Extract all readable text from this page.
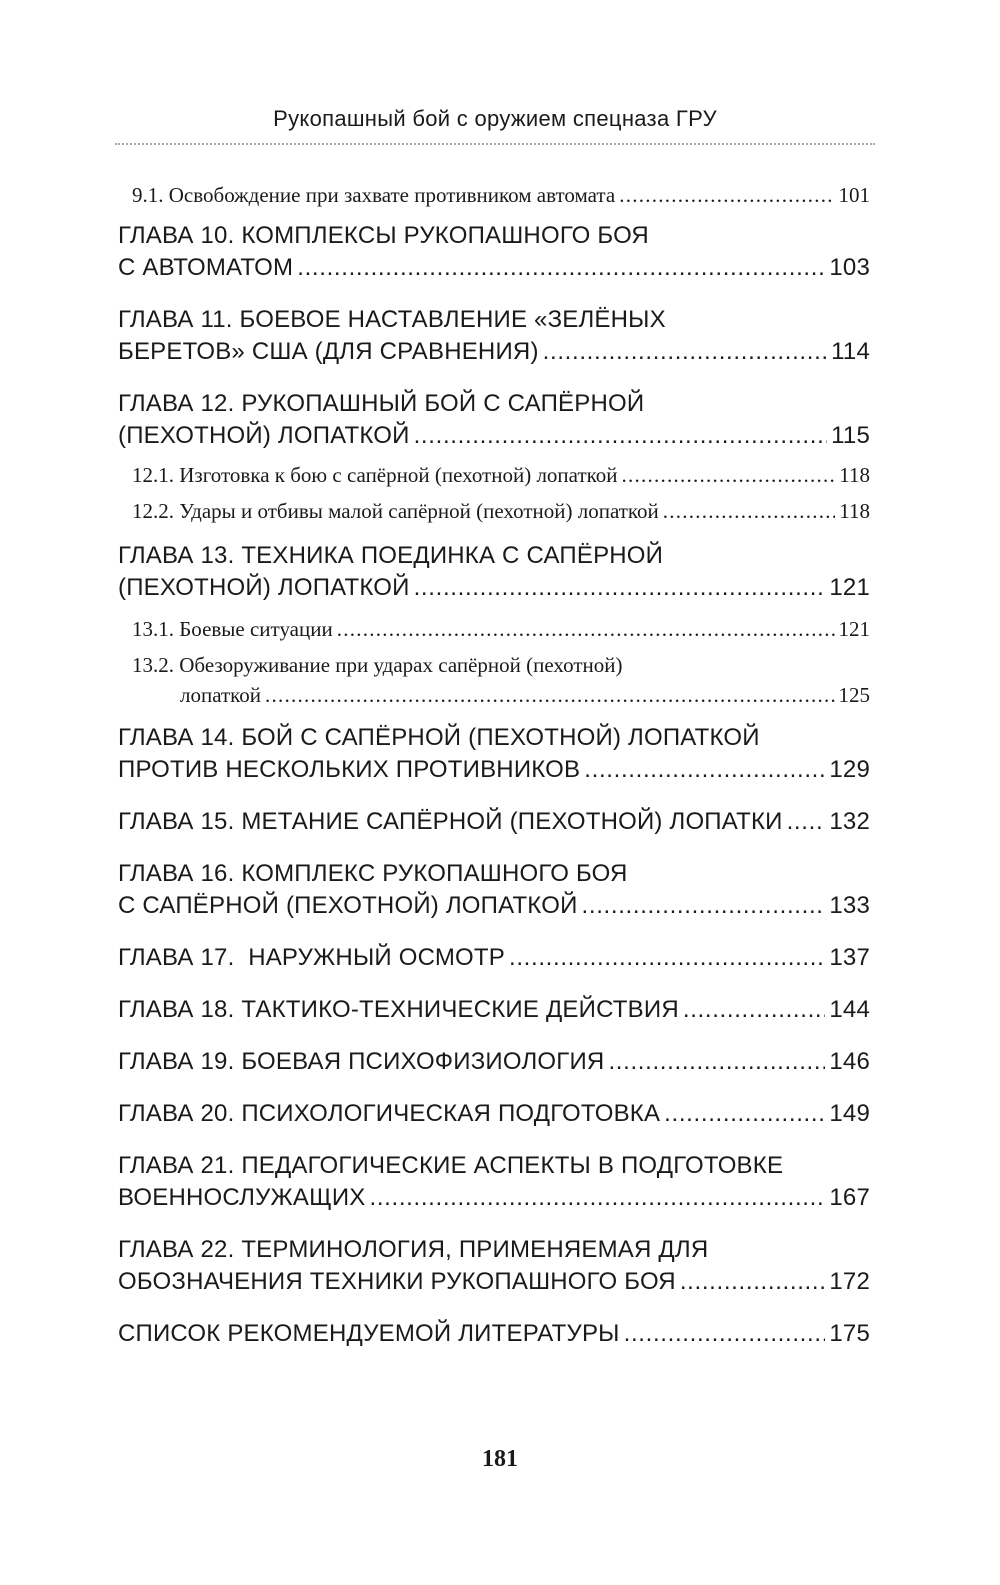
Рукопашный бой с оружием спецназа ГРУ
9.1. Освобождение при захвате противником автомата . . .	101
ГЛАВА 10. КОМПЛЕКСЫ РУКОПАШНОГО БОЯ
С АВТОМАТОМ . . .	103
ГЛАВА 11. БОЕВОЕ НАСТАВЛЕНИЕ «ЗЕЛЁНЫХ
БЕРЕТОВ» США (ДЛЯ СРАВНЕНИЯ) . . .	114
ГЛАВА 12. РУКОПАШНЫЙ БОЙ С САПЁРНОЙ
(ПЕХОТНОЙ) ЛОПАТКОЙ . . .	115
12.1. Изготовка к бою с сапёрной (пехотной) лопаткой . . .	118
12.2. Удары и отбивы малой сапёрной (пехотной) лопаткой . . .	118
ГЛАВА 13. ТЕХНИКА ПОЕДИНКА С САПЁРНОЙ
(ПЕХОТНОЙ) ЛОПАТКОЙ . . .	121
13.1. Боевые ситуации . . .	121
13.2. Обезоруживание при ударах сапёрной (пехотной)
лопаткой . . .	125
ГЛАВА 14. БОЙ С САПЁРНОЙ (ПЕХОТНОЙ) ЛОПАТКОЙ
ПРОТИВ НЕСКОЛЬКИХ ПРОТИВНИКОВ . . .	129
ГЛАВА 15. МЕТАНИЕ САПЁРНОЙ (ПЕХОТНОЙ) ЛОПАТКИ . . . 132
ГЛАВА 16. КОМПЛЕКС РУКОПАШНОГО БОЯ
С САПЁРНОЙ (ПЕХОТНОЙ) ЛОПАТКОЙ . . .	133
ГЛАВА 17.  НАРУЖНЫЙ ОСМОТР . . .	137
ГЛАВА 18. ТАКТИКО-ТЕХНИЧЕСКИЕ ДЕЙСТВИЯ . . .	144
ГЛАВА 19. БОЕВАЯ ПСИХОФИЗИОЛОГИЯ . . .	146
ГЛАВА 20. ПСИХОЛОГИЧЕСКАЯ ПОДГОТОВКА . . .	149
ГЛАВА 21. ПЕДАГОГИЧЕСКИЕ АСПЕКТЫ В ПОДГОТОВКЕ
ВОЕННОСЛУЖАЩИХ . . .	167
ГЛАВА 22. ТЕРМИНОЛОГИЯ, ПРИМЕНЯЕМАЯ ДЛЯ
ОБОЗНАЧЕНИЯ ТЕХНИКИ РУКОПАШНОГО БОЯ . . .	172
СПИСОК РЕКОМЕНДУЕМОЙ ЛИТЕРАТУРЫ . . .	175
181
